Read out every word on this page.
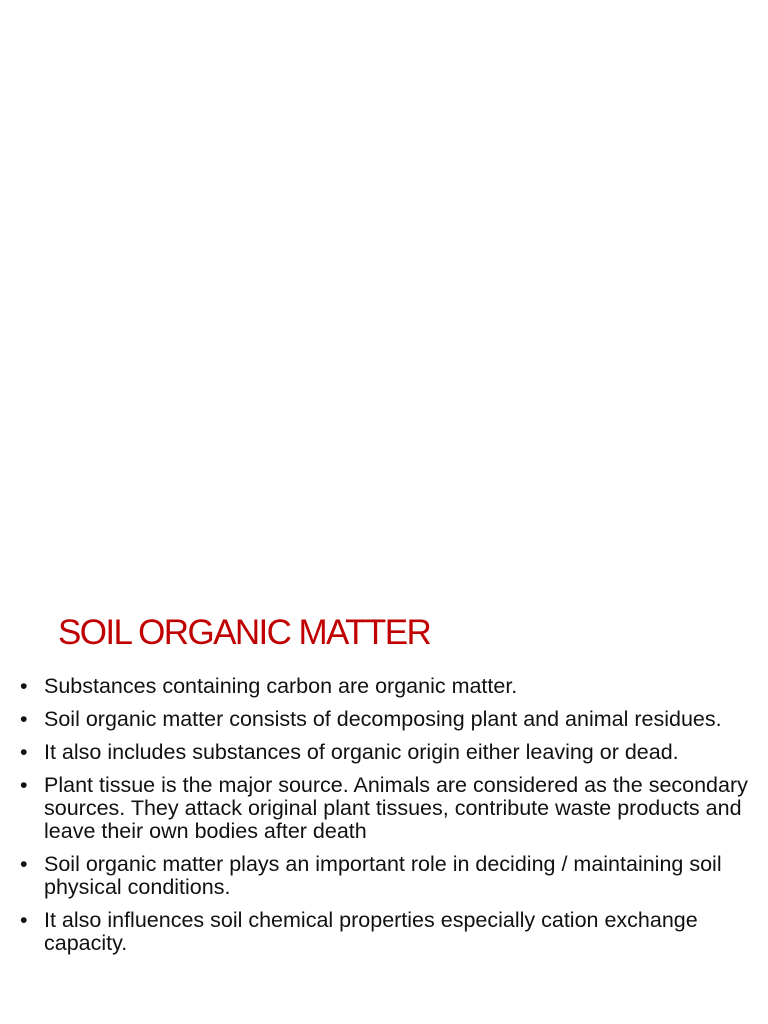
SOIL ORGANIC MATTER
• Substances containing carbon are organic matter.
• Soil organic matter consists of decomposing plant and animal residues.
• It also includes substances of organic origin either leaving or dead.
• Plant tissue is the major source. Animals are considered as the secondary sources. They attack original plant tissues, contribute waste products and leave their own bodies after death
• Soil organic matter plays an important role in deciding / maintaining soil physical conditions.
• It also influences soil chemical properties especially cation exchange capacity.
